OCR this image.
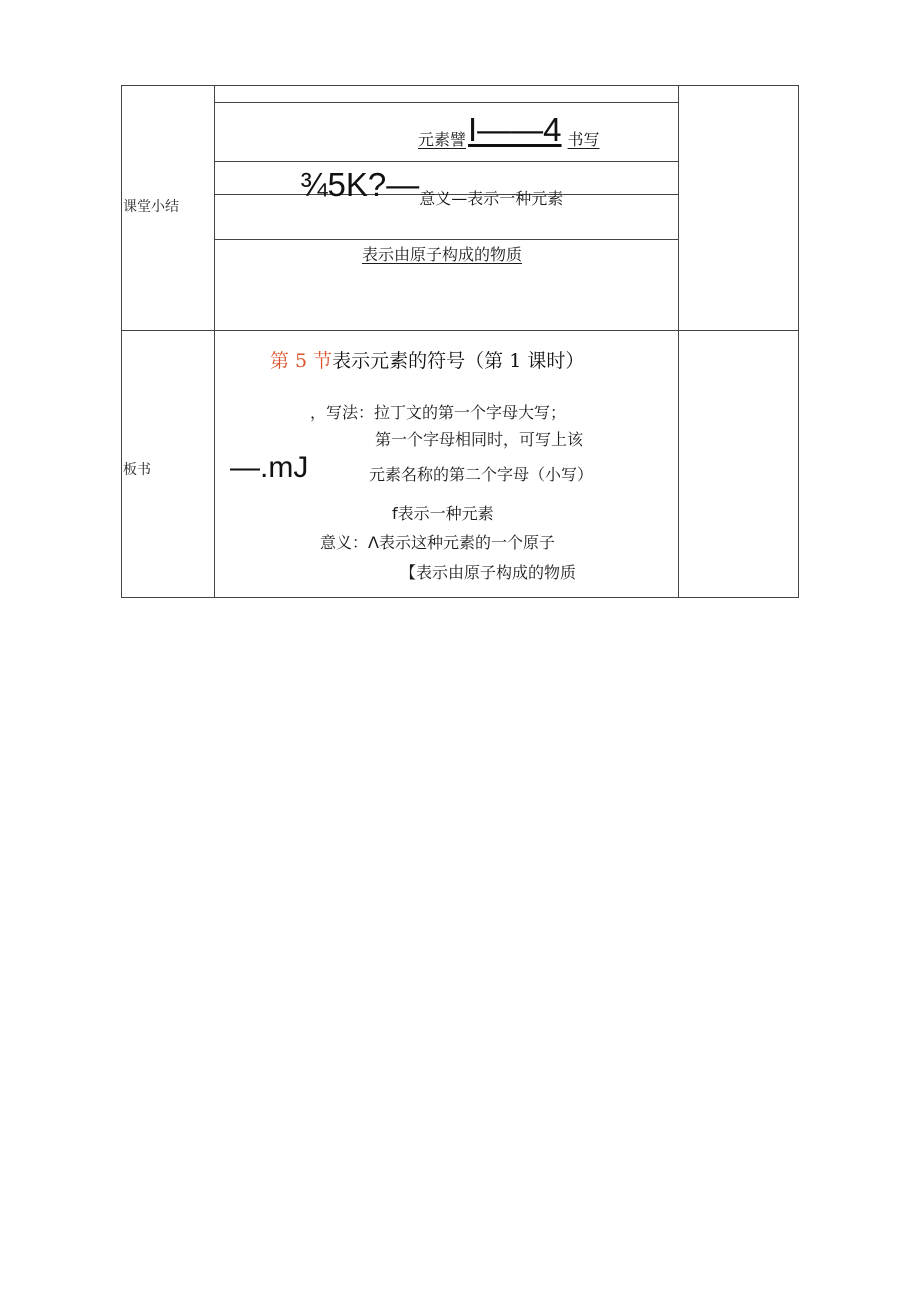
课堂小结
元素譬I——4 书写
¾5K?—意义—表示一种元素
表示由原子构成的物质
板书
第 5 节表示元素的符号（第 1 课时）
，写法：拉丁文的第一个字母大写；
第一个字母相同时，可写上该
—.mJ	元素名称的第二个字母（小写）
f表示一种元素
意义：Λ表示这种元素的一个原子
【表示由原子构成的物质
